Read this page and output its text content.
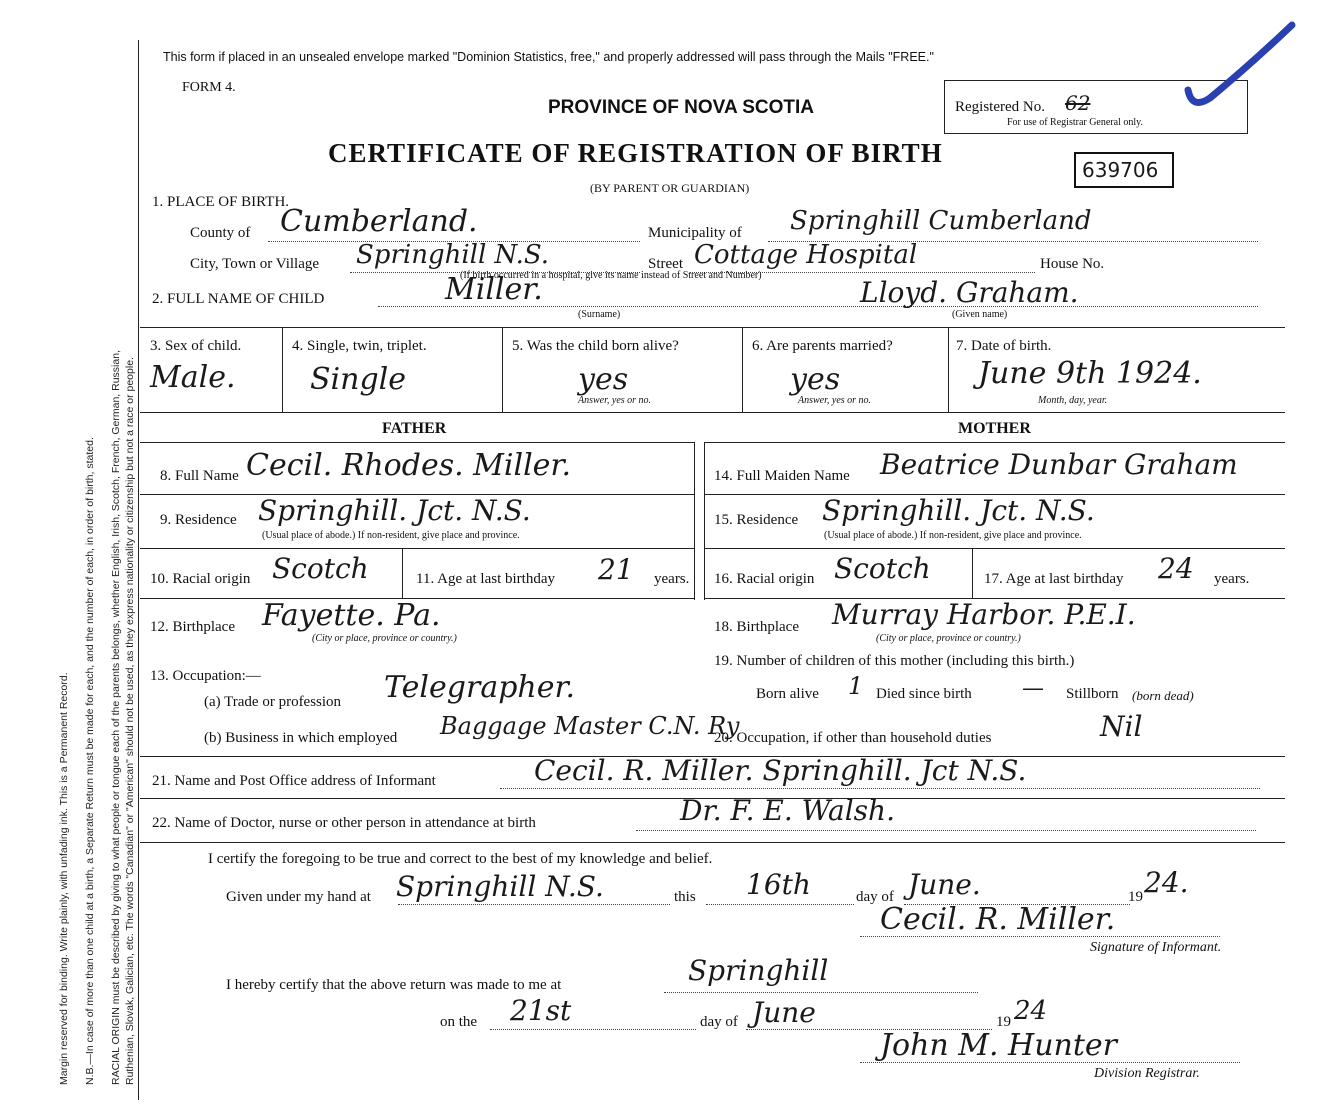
Margin reserved for binding. Write plainly, with unfading ink. This is a Permanent Record. N.B.—In case of more than one child at a birth, a Separate Return must be made for each, and the number of each, in order of birth, stated. RACIAL ORIGIN must be described by giving to what people or tongue each of the parents belongs, whether English, Irish, Scotch, French, German, Russian, Ruthenian, Slovak, Galician, etc. The words "Canadian" or "American" should not be used, as they express nationality or citizenship but not a race or people.
This form if placed in an unsealed envelope marked "Dominion Statistics, free," and properly addressed will pass through the Mails "FREE."
FORM 4.
PROVINCE OF NOVA SCOTIA	Registered No. 62
For use of Registrar General only.
CERTIFICATE OF REGISTRATION OF BIRTH
639706
(BY PARENT OR GUARDIAN)
1. PLACE OF BIRTH.
County of Cumberland.	Municipality of Springhill Cumberland
City, Town or Village Springhill N.S.	Street Cottage Hospital	House No.
(If birth occurred in a hospital, give its name instead of Street and Number)
2. FULL NAME OF CHILD	Miller.
(Surname)
Lloyd. Graham.
(Given name)
3. Sex of child.
Male.
4. Single, twin, triplet.
Single
5. Was the child born alive?
yes
Answer, yes or no.
6. Are parents married?
yes
Answer, yes or no.
7. Date of birth.
June 9th 1924.
Month, day, year.
FATHER	MOTHER
8. Full Name Cecil. Rhodes. Miller.
9. Residence Springhill. Jct. N.S.
(Usual place of abode.) If non-resident, give place and province.
10. Racial origin Scotch	11. Age at last birthday 21 years.
12. Birthplace Fayette. Pa.
(City or place, province or country.)
13. Occupation:—
(a) Trade or profession Telegrapher.
(b) Business in which employed Baggage Master C.N. Ry
14. Full Maiden Name Beatrice Dunbar Graham
15. Residence Springhill. Jct. N.S.
(Usual place of abode.) If non-resident, give place and province.
16. Racial origin Scotch	17. Age at last birthday 24 years.
18. Birthplace Murray Harbor. P.E.I.
(City or place, province or country.)
19. Number of children of this mother (including this birth.)
Born alive 1 Died since birth — Stillborn (born dead)
20. Occupation, if other than household duties	Nil
21. Name and Post Office address of Informant	Cecil. R. Miller. Springhill. Jct N.S.
22. Name of Doctor, nurse or other person in attendance at birth	Dr. F. E. Walsh.
I certify the foregoing to be true and correct to the best of my knowledge and belief.
Given under my hand at Springhill N.S.	this 16th	day of June.	19 24.
Cecil. R. Miller.
Signature of Informant.
I hereby certify that the above return was made to me at	Springhill
on the 21st	day of June	19 24
John M. Hunter
Division Registrar.
